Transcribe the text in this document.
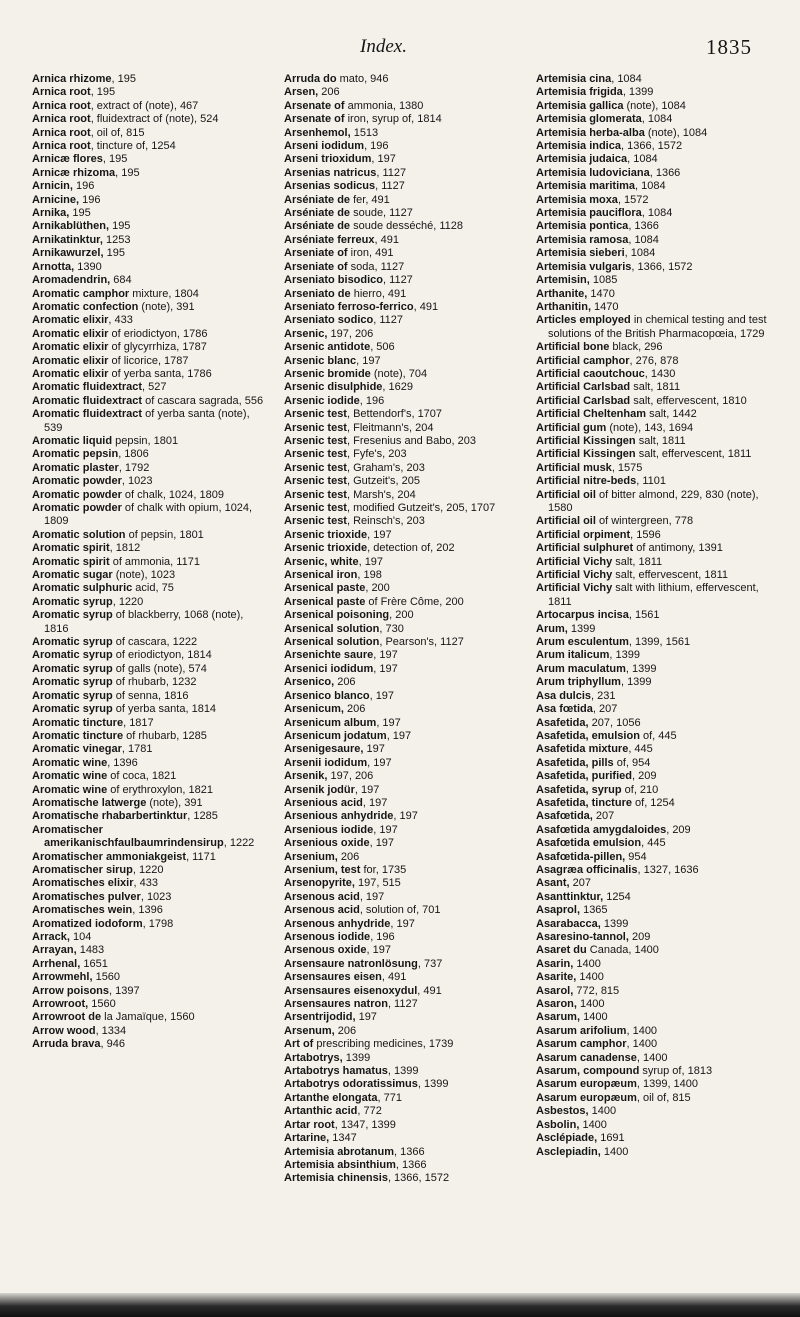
Index.	1835

Arnica rhizome, 195

Arnica root, 195

Arnica root, extract of (note), 467

Arnica root, fluidextract of (note), 524

Arnica root, oil of, 815

Arnica root, tincture of, 1254

Arnicæ flores, 195

Arnicæ rhizoma, 195

Arnicin, 196

Arnicine, 196

Arnika, 195

Arnikablüthen, 195

Arnikatinktur, 1253

Arnikawurzel, 195

Arnotta, 1390

Aromadendrin, 684

Aromatic camphor mixture, 1804

Aromatic confection (note), 391

Aromatic elixir, 433

Aromatic elixir of eriodictyon, 1786

Aromatic elixir of glycyrrhiza, 1787

Aromatic elixir of licorice, 1787

Aromatic elixir of yerba santa, 1786

Aromatic fluidextract, 527

Aromatic fluidextract of cascara sagrada, 556

Aromatic fluidextract of yerba santa (note), 539

Aromatic liquid pepsin, 1801

Aromatic pepsin, 1806

Aromatic plaster, 1792

Aromatic powder, 1023

Aromatic powder of chalk, 1024, 1809

Aromatic powder of chalk with opium, 1024, 1809

Aromatic solution of pepsin, 1801

Aromatic spirit, 1812

Aromatic spirit of ammonia, 1171

Aromatic sugar (note), 1023

Aromatic sulphuric acid, 75

Aromatic syrup, 1220

Aromatic syrup of blackberry, 1068 (note), 1816

Aromatic syrup of cascara, 1222

Aromatic syrup of eriodictyon, 1814

Aromatic syrup of galls (note), 574

Aromatic syrup of rhubarb, 1232

Aromatic syrup of senna, 1816

Aromatic syrup of yerba santa, 1814

Aromatic tincture, 1817

Aromatic tincture of rhubarb, 1285

Aromatic vinegar, 1781

Aromatic wine, 1396

Aromatic wine of coca, 1821

Aromatic wine of erythroxylon, 1821

Aromatische latwerge (note), 391

Aromatische rhabarbertinktur, 1285

Aromatischer amerikanischfaulbaumrindensirup, 1222

Aromatischer ammoniakgeist, 1171

Aromatischer sirup, 1220

Aromatisches elixir, 433

Aromatisches pulver, 1023

Aromatisches wein, 1396

Aromatized iodoform, 1798

Arrack, 104

Arrayan, 1483

Arrhenal, 1651

Arrowmehl, 1560

Arrow poisons, 1397

Arrowroot, 1560

Arrowroot de la Jamaïque, 1560

Arrow wood, 1334

Arruda brava, 946

Arruda do mato, 946

Arsen, 206

Arsenate of ammonia, 1380

Arsenate of iron, syrup of, 1814

Arsenhemol, 1513

Arseni iodidum, 196

Arseni trioxidum, 197

Arsenias natricus, 1127

Arsenias sodicus, 1127

Arséniate de fer, 491

Arséniate de soude, 1127

Arséniate de soude desséché, 1128

Arséniate ferreux, 491

Arseniate of iron, 491

Arseniate of soda, 1127

Arseniato bisodico, 1127

Arseniato de hierro, 491

Arseniato ferroso-ferrico, 491

Arseniato sodico, 1127

Arsenic, 197, 206

Arsenic antidote, 506

Arsenic blanc, 197

Arsenic bromide (note), 704

Arsenic disulphide, 1629

Arsenic iodide, 196

Arsenic test, Bettendorf's, 1707

Arsenic test, Fleitmann's, 204

Arsenic test, Fresenius and Babo, 203

Arsenic test, Fyfe's, 203

Arsenic test, Graham's, 203

Arsenic test, Gutzeit's, 205

Arsenic test, Marsh's, 204

Arsenic test, modified Gutzeit's, 205, 1707

Arsenic test, Reinsch's, 203

Arsenic trioxide, 197

Arsenic trioxide, detection of, 202

Arsenic, white, 197

Arsenical iron, 198

Arsenical paste, 200

Arsenical paste of Frère Côme, 200

Arsenical poisoning, 200

Arsenical solution, 730

Arsenical solution, Pearson's, 1127

Arsenichte saure, 197

Arsenici iodidum, 197

Arsenico, 206

Arsenico blanco, 197

Arsenicum, 206

Arsenicum album, 197

Arsenicum jodatum, 197

Arsenigesaure, 197

Arsenii iodidum, 197

Arsenik, 197, 206

Arsenik jodür, 197

Arsenious acid, 197

Arsenious anhydride, 197

Arsenious iodide, 197

Arsenious oxide, 197

Arsenium, 206

Arsenium, test for, 1735

Arsenopyrite, 197, 515

Arsenous acid, 197

Arsenous acid, solution of, 701

Arsenous anhydride, 197

Arsenous iodide, 196

Arsenous oxide, 197

Arsensaure natronlösung, 737

Arsensaures eisen, 491

Arsensaures eisenoxydul, 491

Arsensaures natron, 1127

Arsentrijodid, 197

Arsenum, 206

Art of prescribing medicines, 1739

Artabotrys, 1399

Artabotrys hamatus, 1399

Artabotrys odoratissimus, 1399

Artanthe elongata, 771

Artanthic acid, 772

Artar root, 1347, 1399

Artarine, 1347

Artemisia abrotanum, 1366

Artemisia absinthium, 1366

Artemisia chinensis, 1366, 1572

Artemisia cina, 1084

Artemisia frigida, 1399

Artemisia gallica (note), 1084

Artemisia glomerata, 1084

Artemisia herba-alba (note), 1084

Artemisia indica, 1366, 1572

Artemisia judaica, 1084

Artemisia ludoviciana, 1366

Artemisia maritima, 1084

Artemisia moxa, 1572

Artemisia pauciflora, 1084

Artemisia pontica, 1366

Artemisia ramosa, 1084

Artemisia sieberi, 1084

Artemisia vulgaris, 1366, 1572

Artemisin, 1085

Arthanite, 1470

Arthanitin, 1470

Articles employed in chemical testing and test solutions of the British Pharmacopœia, 1729

Artificial bone black, 296

Artificial camphor, 276, 878

Artificial caoutchouc, 1430

Artificial Carlsbad salt, 1811

Artificial Carlsbad salt, effervescent, 1810

Artificial Cheltenham salt, 1442

Artificial gum (note), 143, 1694

Artificial Kissingen salt, 1811

Artificial Kissingen salt, effervescent, 1811

Artificial musk, 1575

Artificial nitre-beds, 1101

Artificial oil of bitter almond, 229, 830 (note), 1580

Artificial oil of wintergreen, 778

Artificial orpiment, 1596

Artificial sulphuret of antimony, 1391

Artificial Vichy salt, 1811

Artificial Vichy salt, effervescent, 1811

Artificial Vichy salt with lithium, effervescent, 1811

Artocarpus incisa, 1561

Arum, 1399

Arum esculentum, 1399, 1561

Arum italicum, 1399

Arum maculatum, 1399

Arum triphyllum, 1399

Asa dulcis, 231

Asa fœtida, 207

Asafetida, 207, 1056

Asafetida, emulsion of, 445

Asafetida mixture, 445

Asafetida, pills of, 954

Asafetida, purified, 209

Asafetida, syrup of, 210

Asafetida, tincture of, 1254

Asafœtida, 207

Asafœtida amygdaloides, 209

Asafœtida emulsion, 445

Asafœtida-pillen, 954

Asagræa officinalis, 1327, 1636

Asant, 207

Asanttinktur, 1254

Asaprol, 1365

Asarabacca, 1399

Asaresino-tannol, 209

Asaret du Canada, 1400

Asarin, 1400

Asarite, 1400

Asarol, 772, 815

Asaron, 1400

Asarum, 1400

Asarum arifolium, 1400

Asarum camphor, 1400

Asarum canadense, 1400

Asarum, compound syrup of, 1813

Asarum europæum, 1399, 1400

Asarum europæum, oil of, 815

Asbestos, 1400

Asbolin, 1400

Asclépiade, 1691

Asclepiadin, 1400
